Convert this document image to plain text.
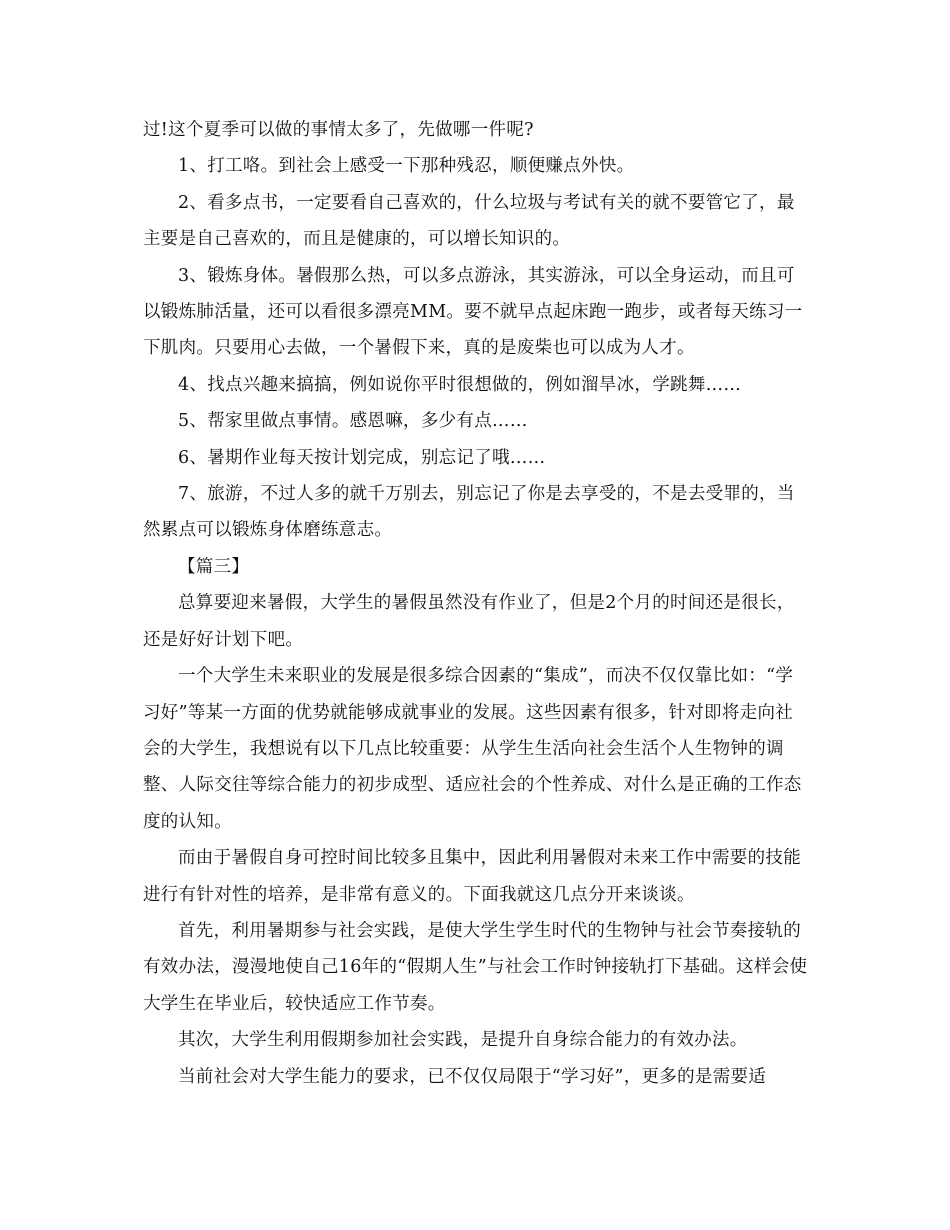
过!这个夏季可以做的事情太多了，先做哪一件呢?

1、打工咯。到社会上感受一下那种残忍，顺便赚点外快。

2、看多点书，一定要看自己喜欢的，什么垃圾与考试有关的就不要管它了，最主要是自己喜欢的，而且是健康的，可以增长知识的。

3、锻炼身体。暑假那么热，可以多点游泳，其实游泳，可以全身运动，而且可以锻炼肺活量，还可以看很多漂亮MM。要不就早点起床跑一跑步，或者每天练习一下肌肉。只要用心去做，一个暑假下来，真的是废柴也可以成为人才。

4、找点兴趣来搞搞，例如说你平时很想做的，例如溜旱冰，学跳舞……

5、帮家里做点事情。感恩嘛，多少有点……

6、暑期作业每天按计划完成，别忘记了哦……

7、旅游，不过人多的就千万别去，别忘记了你是去享受的，不是去受罪的，当然累点可以锻炼身体磨练意志。

【篇三】

总算要迎来暑假，大学生的暑假虽然没有作业了，但是2个月的时间还是很长，还是好好计划下吧。

一个大学生未来职业的发展是很多综合因素的“集成”，而决不仅仅靠比如：“学习好”等某一方面的优势就能够成就事业的发展。这些因素有很多，针对即将走向社会的大学生，我想说有以下几点比较重要：从学生生活向社会生活个人生物钟的调整、人际交往等综合能力的初步成型、适应社会的个性养成、对什么是正确的工作态度的认知。

而由于暑假自身可控时间比较多且集中，因此利用暑假对未来工作中需要的技能进行有针对性的培养，是非常有意义的。下面我就这几点分开来谈谈。

首先，利用暑期参与社会实践，是使大学生学生时代的生物钟与社会节奏接轨的有效办法，漫漫地使自己16年的“假期人生”与社会工作时钟接轨打下基础。这样会使大学生在毕业后，较快适应工作节奏。

其次，大学生利用假期参加社会实践，是提升自身综合能力的有效办法。

当前社会对大学生能力的要求，已不仅仅局限于“学习好”，更多的是需要适
